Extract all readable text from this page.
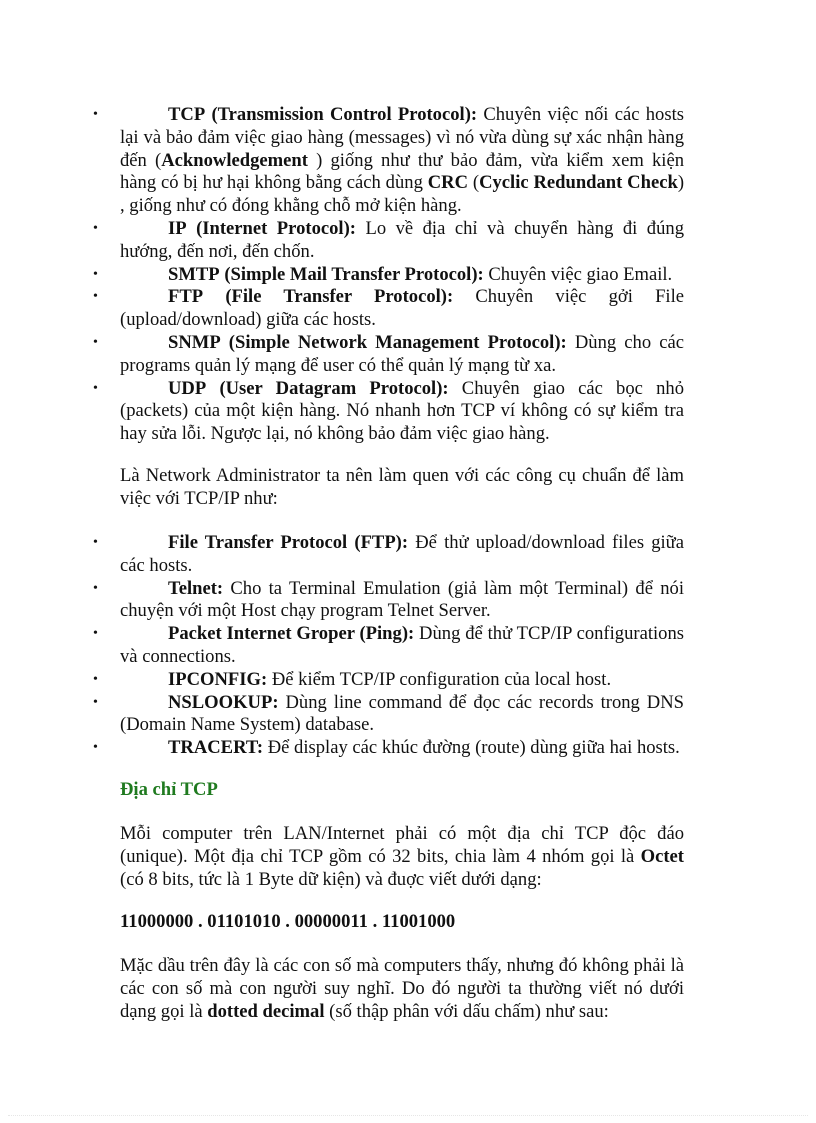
•	TCP (Transmission Control Protocol): Chuyên việc nối các hosts lại và bảo đảm việc giao hàng (messages) vì nó vừa dùng sự xác nhận hàng đến (Acknowledgement ) giống như thư bảo đảm, vừa kiểm xem kiện hàng có bị hư hại không bằng cách dùng CRC (Cyclic Redundant Check) , giống như có đóng khằng chỗ mở kiện hàng.
•	IP (Internet Protocol): Lo về địa chỉ và chuyển hàng đi đúng hướng, đến nơi, đến chốn.
•	SMTP (Simple Mail Transfer Protocol): Chuyên việc giao Email.
•	FTP (File Transfer Protocol): Chuyên việc gởi File (upload/download) giữa các hosts.
•	SNMP (Simple Network Management Protocol): Dùng cho các programs quản lý mạng để user có thể quản lý mạng từ xa.
•	UDP (User Datagram Protocol): Chuyên giao các bọc nhỏ (packets) của một kiện hàng. Nó nhanh hơn TCP ví không có sự kiểm tra hay sửa lỗi. Ngược lại, nó không bảo đảm việc giao hàng.

Là Network Administrator ta nên làm quen với các công cụ chuẩn để làm việc với TCP/IP như:

•	File Transfer Protocol (FTP): Để thử upload/download files giữa các hosts.
•	Telnet: Cho ta Terminal Emulation (giả làm một Terminal) để nói chuyện với một Host chạy program Telnet Server.
•	Packet Internet Groper (Ping): Dùng để thử TCP/IP configurations và connections.
•	IPCONFIG: Để kiểm TCP/IP configuration của local host.
•	NSLOOKUP: Dùng line command để đọc các records trong DNS (Domain Name System) database.
•	TRACERT: Để display các khúc đường (route) dùng giữa hai hosts.
Địa chỉ TCP

Mỗi computer trên LAN/Internet phải có một địa chỉ TCP độc đáo (unique). Một địa chỉ TCP gồm có 32 bits, chia làm 4 nhóm gọi là Octet (có 8 bits, tức là 1 Byte dữ kiện) và đuợc viết dưới dạng:

11000000 . 01101010 . 00000011 . 11001000

Mặc dầu trên đây là các con số mà computers thấy, nhưng đó không phải là các con số mà con người suy nghĩ. Do đó người ta thường viết nó dưới dạng gọi là dotted decimal (số thập phân với dấu chấm) như sau:
